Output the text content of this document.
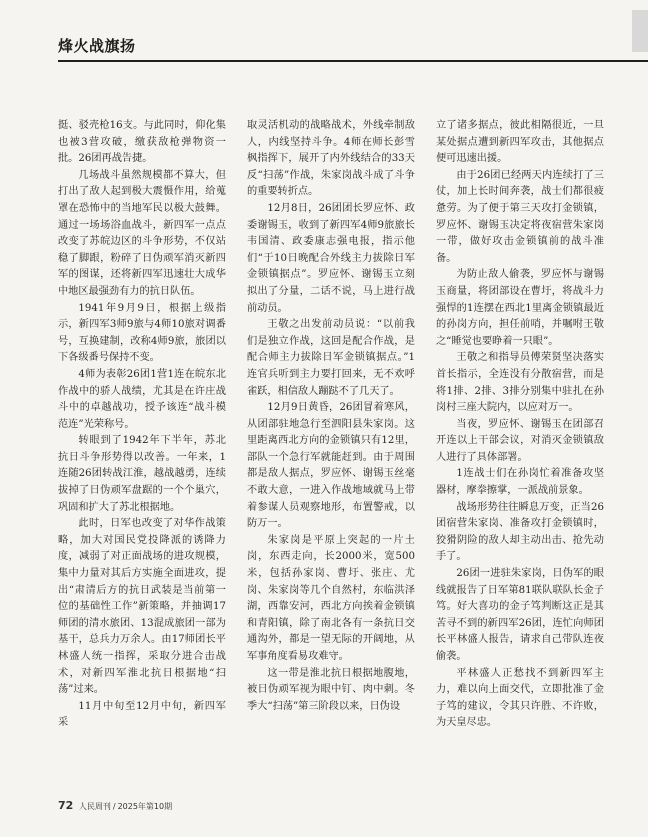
烽火战旗扬

挺、驳壳枪16支。与此同时，仰化集也被3营攻破，缴获敌枪弹物资一批。26团再战告捷。

几场战斗虽然规模都不算大，但打出了敌人起到极大震慑作用，给蒐罩在恐怖中的当地军民以极大鼓舞。通过一场场浴血战斗，新四军一点点改变了苏皖边区的斗争形势，不仅站稳了脚跟，粉碎了日伪顽军消灭新四军的图谋，还将新四军迅速壮大成华中地区最强劲有力的抗日队伍。

1941年9月9日，根据上级指示，新四军3师9旅与4师10旅对调番号，互换建制，改称4师9旅，旅团以下各级番号保持不变。

4师为表彰26团1营1连在皖东北作战中的骄人战绩，尤其是在许庄战斗中的卓越战功，授予该连“战斗模范连”光荣称号。

转眼到了1942年下半年，苏北抗日斗争形势得以改善。一年来，1连随26团转战江淮，越战越勇，连续拔掉了日伪顽军盘踞的一个个巢穴，巩固和扩大了苏北根据地。

此时，日军也改变了对华作战策略，加大对国民党投降派的诱降力度，减弱了对正面战场的进攻规模，集中力量对其后方实施全面进攻，提出“肃清后方的抗日武装是当前第一位的基础性工作”新策略，并抽调17师团的清水旅团、13混成旅团一部为基干，总兵力万余人。由17师团长平林盛人统一指挥，采取分进合击战术，对新四军淮北抗日根据地“扫荡”过来。

11月中旬至12月中旬，新四军采

取灵活机动的战略战术，外线牵制敌人，内线坚持斗争。4师在师长彭雪枫指挥下，展开了内外线结合的33天反“扫荡”作战，朱家岗战斗成了斗争的重要转折点。

12月8日，26团团长罗应怀、政委谢锡玉，收到了新四军4师9旅旅长韦国清、政委康志强电报，指示他们“于10日晚配合外线主力拔除日军金锁镇据点”。罗应怀、谢锡玉立刻拟出了分量，二话不说，马上进行战前动员。

王敬之出发前动员说：“以前我们是独立作战，这回是配合作战，是配合师主力拔除日军金锁镇据点。”1连官兵听到主力要打回来，无不欢呼雀跃，相信敌人蹦跶不了几天了。

12月9日黄昏，26团冒着寒风，从团部驻地急行至泗阳县朱家岗。这里距离西北方向的金锁镇只有12里，部队一个急行军就能赶到。由于周围都是敌人据点，罗应怀、谢锡玉丝毫不敢大意，一进入作战地域就马上带着参谋人员观察地形，布置警戒，以防万一。

朱家岗是平原上突起的一片土岗，东西走向，长2000米，宽500米，包括孙家岗、曹圩、张庄、尤岗、朱家岗等几个自然村，东临洪泽湖，西靠安河，西北方向挨着金锁镇和青阳镇，除了南北各有一条抗日交通沟外，都是一望无际的开阔地，从军事角度看易攻难守。

这一带是淮北抗日根据地腹地，被日伪顽军视为眼中钉、肉中刺。冬季大“扫荡”第三阶段以来，日伪设

立了诸多据点，彼此相隔很近，一旦某处据点遭到新四军攻击，其他据点便可迅速出援。

由于26团已经两天内连续打了三仗，加上长时间奔袭，战士们都很疲惫劳。为了便于第三天攻打金锁镇，罗应怀、谢锡玉决定将夜宿营朱家岗一带，做好攻击金锁镇前的战斗准备。

为防止敌人偷袭，罗应怀与谢锡玉商量，将团部设在曹圩，将战斗力强悍的1连摆在西北1里离金锁镇最近的孙岗方向，担任前哨，并嘱咐王敬之“睡觉也要睁着一只眼”。

王敬之和指导员傅荣贤坚决落实首长指示，全连没有分散宿营，而是将1排、2排、3排分别集中驻扎在孙岗村三座大院内，以应对万一。

当夜，罗应怀、谢锡玉在团部召开连以上干部会议，对消灭金锁镇敌人进行了具体部署。

1连战士们在孙岗忙着准备攻坚器材，摩拳擦掌，一派战前景象。

战场形势往往瞬息万变，正当26团宿营朱家岗、准备攻打金锁镇时，狡猾阴险的敌人却主动出击、抢先动手了。

26团一进驻朱家岗，日伪军的眼线就报告了日军第81联队联队长金子笃。好大喜功的金子笃判断这正是其苦寻不到的新四军26团，连忙向师团长平林盛人报告，请求自己带队连夜偷袭。

平林盛人正愁找不到新四军主力，难以向上面交代，立即批准了金子笃的建议，令其只许胜、不许败，为天皇尽忠。

72 人民周刊 / 2025年第10期
